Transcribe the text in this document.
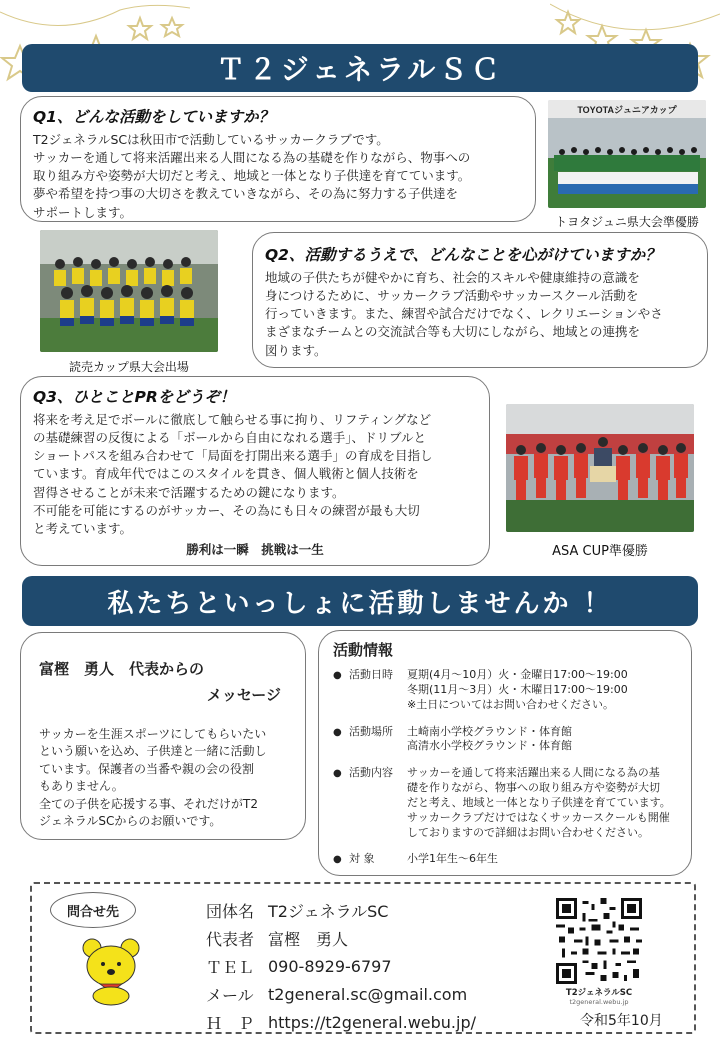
Ｔ２ジェネラルＳＣ
Q1、どんな活動をしていますか？
T2ジェネラルSCは秋田市で活動しているサッカークラブです。
サッカーを通して将来活躍出来る人間になる為の基礎を作りながら、物事への
取り組み方や姿勢が大切だと考え、地域と一体となり子供達を育てています。
夢や希望を持つ事の大切さを教えていきながら、その為に努力する子供達を
サポートします。
TOYOTAジュニアカップ
トヨタジュニ県大会準優勝
読売カップ県大会出場
Q2、活動するうえで、どんなことを心がけていますか？
地域の子供たちが健やかに育ち、社会的スキルや健康維持の意識を
身につけるために、サッカークラブ活動やサッカースクール活動を
行っていきます。また、練習や試合だけでなく、レクリエーションやさ
まざまなチームとの交流試合等も大切にしながら、地域との連携を
図ります。
Q3、ひとことPRをどうぞ！
将来を考え足でボールに徹底して触らせる事に拘り、リフティングなど
の基礎練習の反復による「ボールから自由になれる選手」、ドリブルと
ショートパスを組み合わせて「局面を打開出来る選手」の育成を目指し
ています。育成年代ではこのスタイルを貫き、個人戦術と個人技術を
習得させることが未来で活躍するための鍵になります。
不可能を可能にするのがサッカー、その為にも日々の練習が最も大切
と考えています。
勝利は一瞬　挑戦は一生	ASA CUP準優勝
私たちといっしょに活動しませんか ！
富樫　勇人　代表からの
メッセージ
サッカーを生涯スポーツにしてもらいたい
という願いを込め、子供達と一緒に活動し
ています。保護者の当番や親の会の役割
もありません。
全ての子供を応援する事、それだけがT2
ジェネラルSCからのお願いです。
活動情報
● 活動日時	夏期(4月～10月）火・金曜日17:00～19:00
冬期(11月～3月）火・木曜日17:00～19:00
※土日についてはお問い合わせください。
● 活動場所	土崎南小学校グラウンド・体育館
高清水小学校グラウンド・体育館
● 活動内容	サッカーを通して将来活躍出来る人間になる為の基
礎を作りながら、物事への取り組み方や姿勢が大切
だと考え、地域と一体となり子供達を育てています。
サッカークラブだけではなくサッカースクールも開催
しておりますので詳細はお問い合わせください。
● 対 象	小学1年生～6年生
問合せ先	団体名 T2ジェネラルSC
代表者 富樫　勇人
ＴＥＬ 090-8929-6797
メール t2general.sc@gmail.com
Ｈ　Ｐ https://t2general.webu.jp/
T2ジェネラルSC
t2general.webu.jp
令和5年10月
